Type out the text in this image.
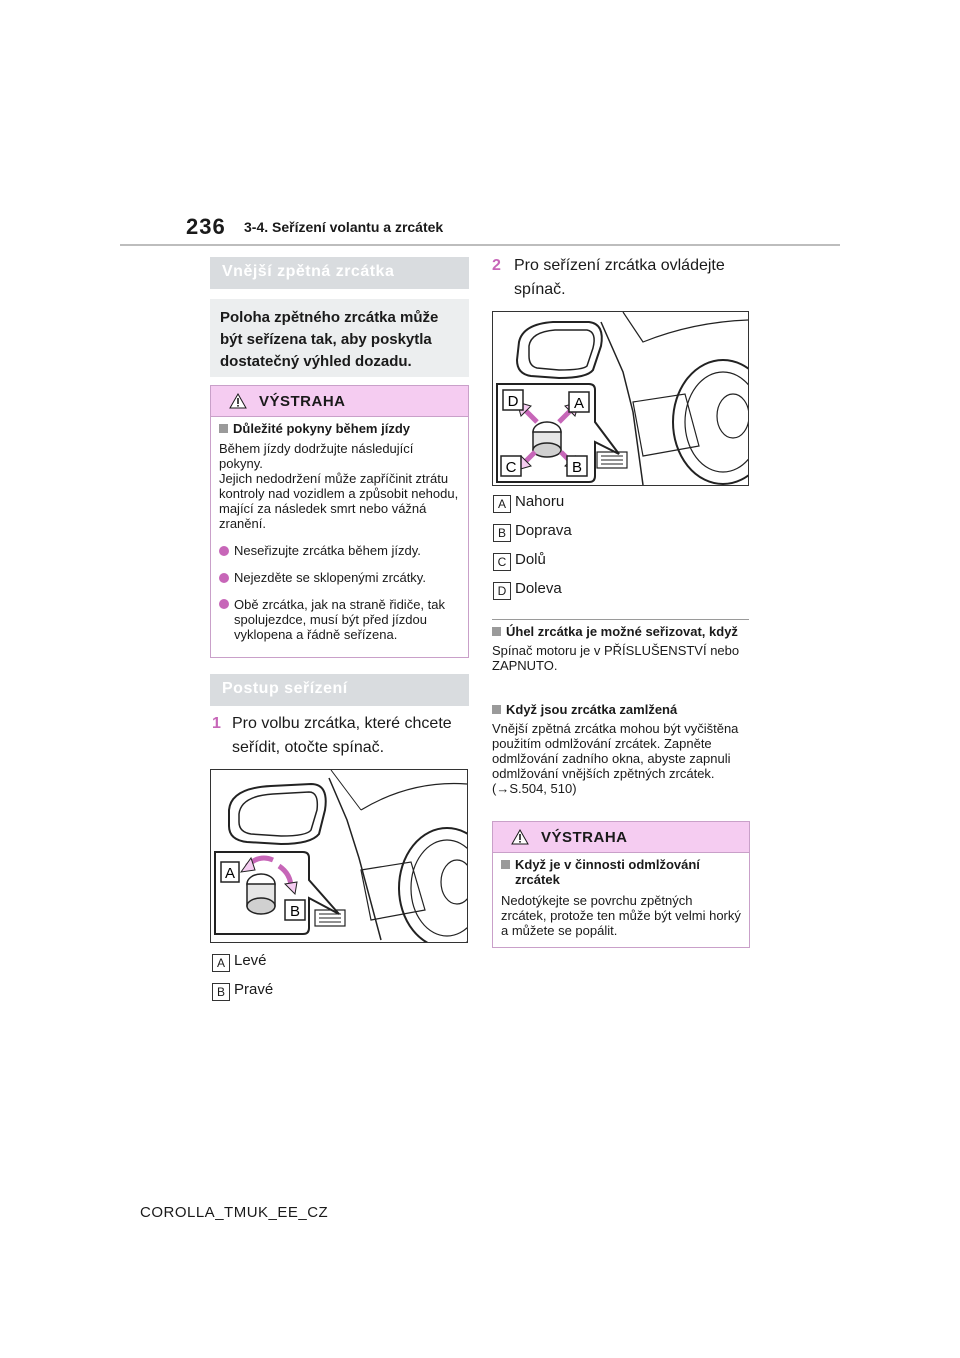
236 3-4. Seřízení volantu a zrcátek
Vnější zpětná zrcátka
Poloha zpětného zrcátka může být seřízena tak, aby poskytla dostatečný výhled dozadu.
VÝSTRAHA
Důležité pokyny během jízdy
Během jízdy dodržujte následující pokyny.
Jejich nedodržení může zapříčinit ztrátu kontroly nad vozidlem a způsobit nehodu, mající za následek smrt nebo vážná zranění.
Neseřizujte zrcátka během jízdy.
Nejezděte se sklopenými zrcátky.
Obě zrcátka, jak na straně řidiče, tak spolujezdce, musí být před jízdou vyklopena a řádně seřízena.
Postup seřízení
1 Pro volbu zrcátka, které chcete seřídit, otočte spínač.
A
B
A Levé
B Pravé
2 Pro seřízení zrcátka ovládejte spínač.
D	A
C	B
A Nahoru
B Doprava
C Dolů
D Doleva
Úhel zrcátka je možné seřizovat, když
Spínač motoru je v PŘÍSLUŠENSTVÍ nebo ZAPNUTO.
Když jsou zrcátka zamlžená
Vnější zpětná zrcátka mohou být vyčištěna použitím odmlžování zrcátek. Zapněte odmlžování zadního okna, abyste zapnuli odmlžování vnějších zpětných zrcátek. (→S.504, 510)
VÝSTRAHA
Když je v činnosti odmlžování zrcátek
Nedotýkejte se povrchu zpětných zrcátek, protože ten může být velmi horký a můžete se popálit.
COROLLA_TMUK_EE_CZ
